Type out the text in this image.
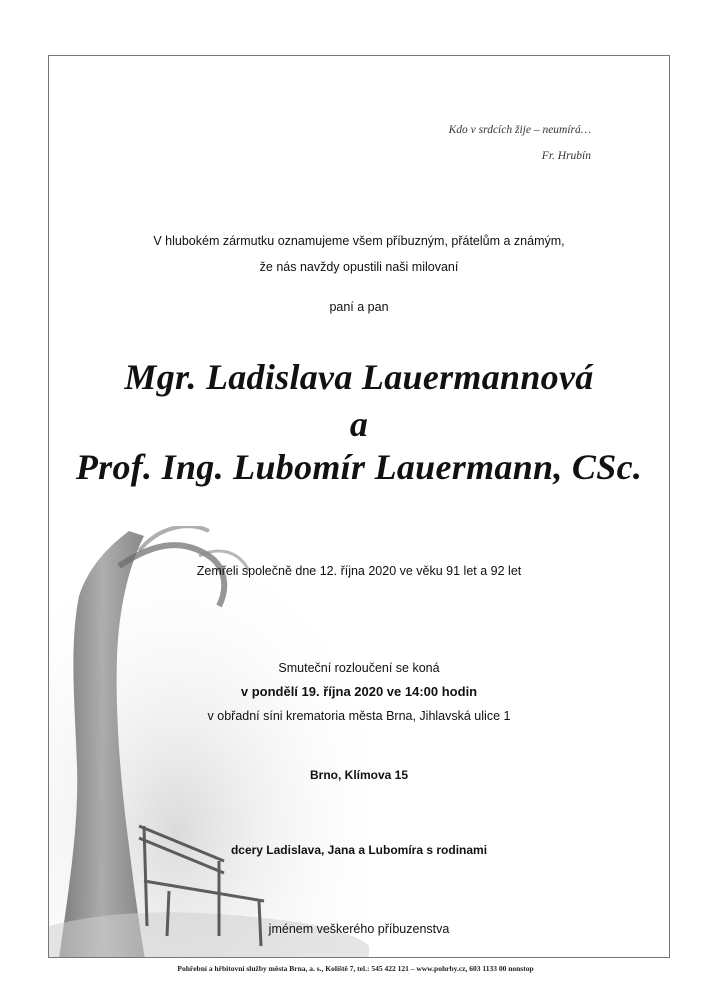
Kdo v srdcích žije – neumírá…
Fr. Hrubín
V hlubokém zármutku oznamujeme všem příbuzným, přátelům a známým,
že nás navždy opustili naši milovaní
paní a pan
Mgr. Ladislava Lauermannová
a
Prof. Ing. Lubomír Lauermann, CSc.
Zemřeli společně dne 12. října 2020 ve věku 91 let a 92 let
Smuteční rozloučení se koná
v pondělí 19. října 2020 ve 14:00 hodin
v obřadní síni krematoria města Brna, Jihlavská ulice 1
Brno, Klímova 15
dcery Ladislava, Jana a Lubomíra s rodinami
jménem veškerého příbuzenstva
Pohřební a hřbitovní služby města Brna, a. s., Kolíště 7, tel.: 545 422 121 – www.pohrby.cz, 603 1133 00 nonstop
